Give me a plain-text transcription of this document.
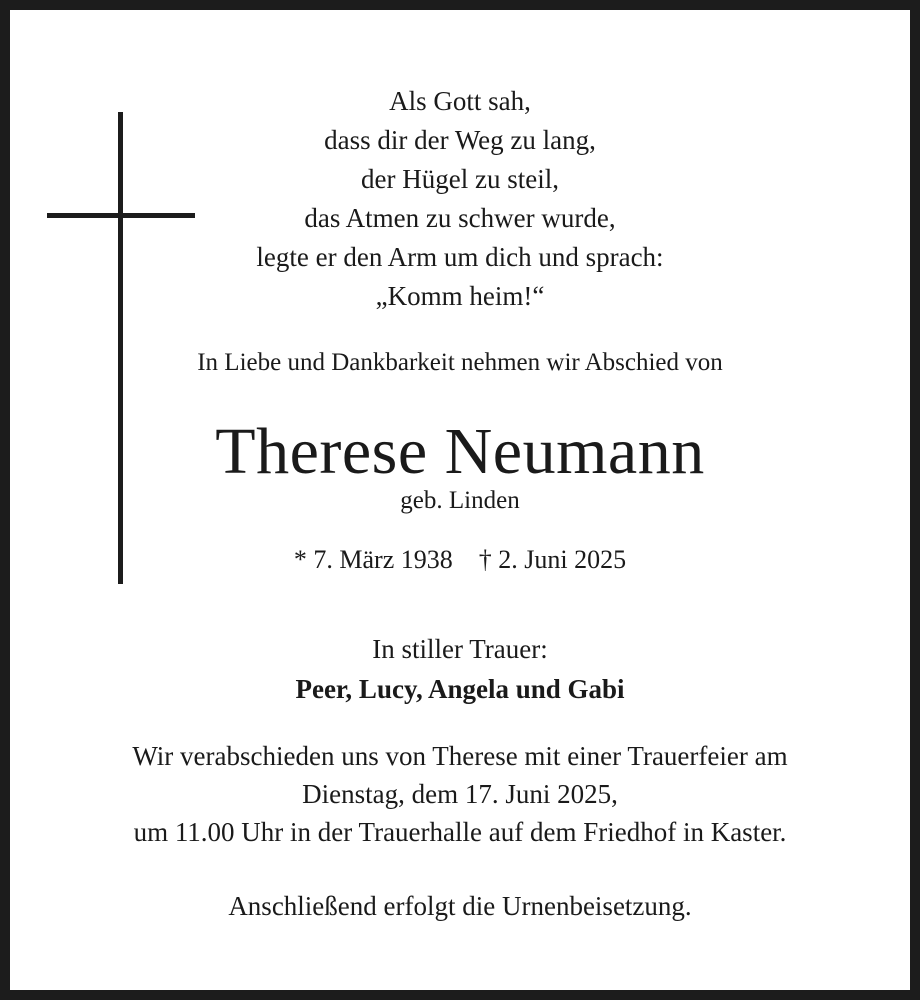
Als Gott sah,
dass dir der Weg zu lang,
der Hügel zu steil,
das Atmen zu schwer wurde,
legte er den Arm um dich und sprach:
„Komm heim!“
In Liebe und Dankbarkeit nehmen wir Abschied von
Therese Neumann
geb. Linden
* 7. März 1938 † 2. Juni 2025
In stiller Trauer:
Peer, Lucy, Angela und Gabi
Wir verabschieden uns von Therese mit einer Trauerfeier am
Dienstag, dem 17. Juni 2025,
um 11.00 Uhr in der Trauerhalle auf dem Friedhof in Kaster.
Anschließend erfolgt die Urnenbeisetzung.
